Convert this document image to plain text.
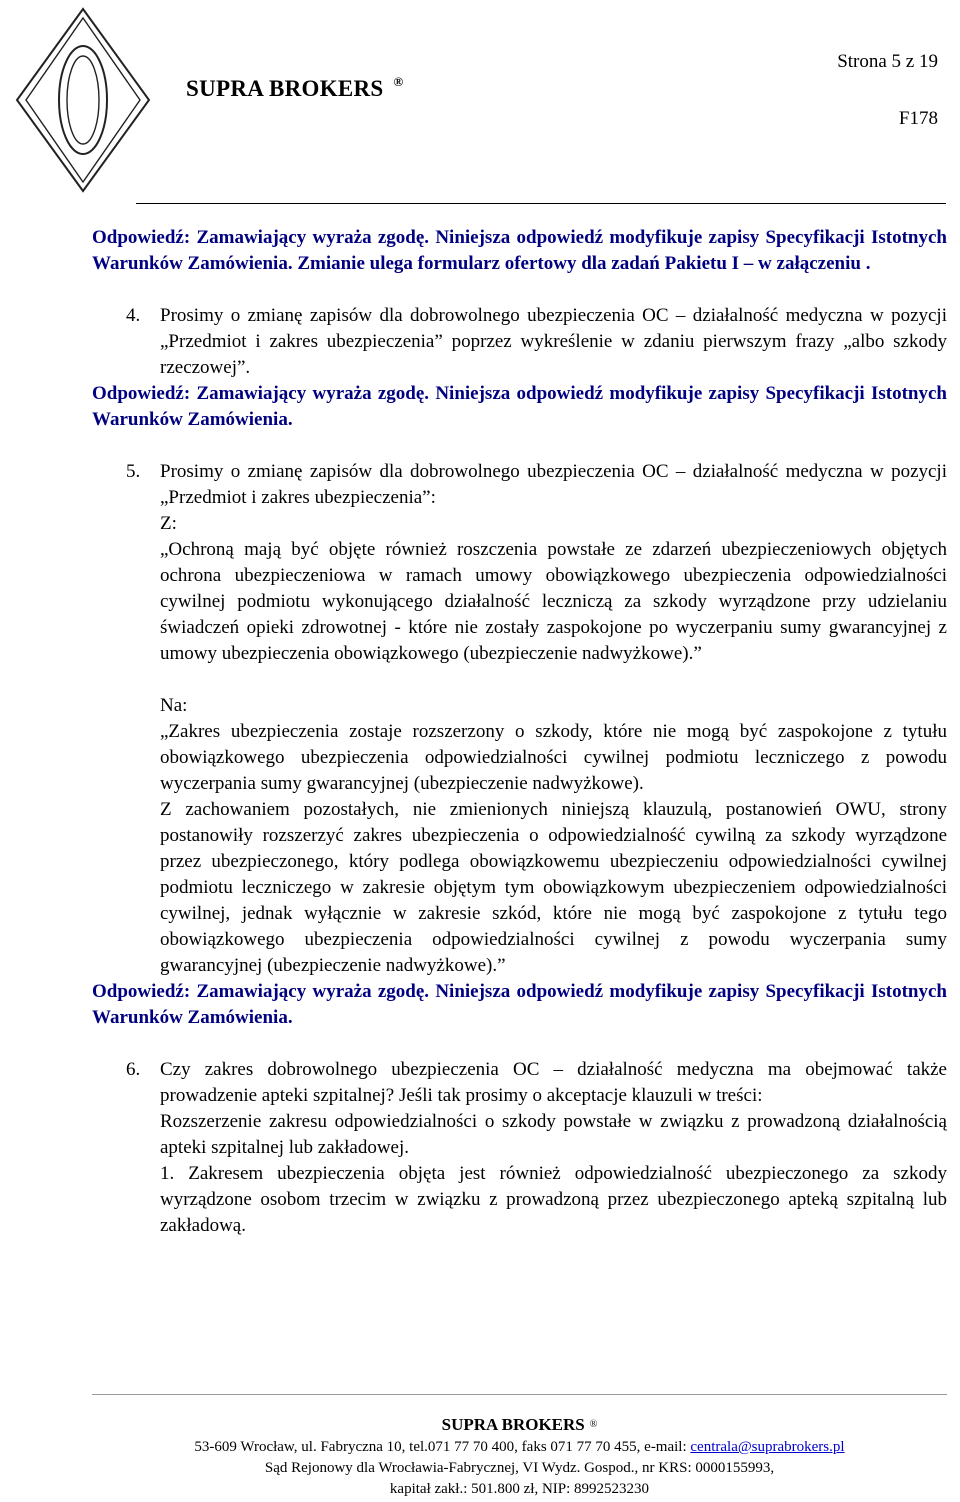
SUPRA BROKERS ®
Strona 5 z 19
F178
Odpowiedź: Zamawiający wyraża zgodę. Niniejsza odpowiedź modyfikuje zapisy Specyfikacji Istotnych Warunków Zamówienia. Zmianie ulega formularz ofertowy dla zadań Pakietu I – w załączeniu .
4. Prosimy o zmianę zapisów dla dobrowolnego ubezpieczenia OC – działalność medyczna w pozycji „Przedmiot i zakres ubezpieczenia” poprzez wykreślenie w zdaniu pierwszym frazy „albo szkody rzeczowej”.
Odpowiedź: Zamawiający wyraża zgodę. Niniejsza odpowiedź modyfikuje zapisy Specyfikacji Istotnych Warunków Zamówienia.
5. Prosimy o zmianę zapisów dla dobrowolnego ubezpieczenia OC – działalność medyczna w pozycji „Przedmiot i zakres ubezpieczenia”:
Z:
„Ochroną mają być objęte również roszczenia powstałe ze zdarzeń ubezpieczeniowych objętych ochrona ubezpieczeniowa w ramach umowy obowiązkowego ubezpieczenia odpowiedzialności cywilnej podmiotu wykonującego działalność leczniczą za szkody wyrządzone przy udzielaniu świadczeń opieki zdrowotnej - które nie zostały zaspokojone po wyczerpaniu sumy gwarancyjnej z umowy ubezpieczenia obowiązkowego (ubezpieczenie nadwyżkowe).”
Na:
„Zakres ubezpieczenia zostaje rozszerzony o szkody, które nie mogą być zaspokojone z tytułu obowiązkowego ubezpieczenia odpowiedzialności cywilnej podmiotu leczniczego z powodu wyczerpania sumy gwarancyjnej (ubezpieczenie nadwyżkowe).
Z zachowaniem pozostałych, nie zmienionych niniejszą klauzulą, postanowień OWU, strony postanowiły rozszerzyć zakres ubezpieczenia o odpowiedzialność cywilną za szkody wyrządzone przez ubezpieczonego, który podlega obowiązkowemu ubezpieczeniu odpowiedzialności cywilnej podmiotu leczniczego w zakresie objętym tym obowiązkowym ubezpieczeniem odpowiedzialności cywilnej, jednak wyłącznie w zakresie szkód, które nie mogą być zaspokojone z tytułu tego obowiązkowego ubezpieczenia odpowiedzialności cywilnej z powodu wyczerpania sumy gwarancyjnej (ubezpieczenie nadwyżkowe).”
Odpowiedź: Zamawiający wyraża zgodę. Niniejsza odpowiedź modyfikuje zapisy Specyfikacji Istotnych Warunków Zamówienia.
6. Czy zakres dobrowolnego ubezpieczenia OC – działalność medyczna ma obejmować także prowadzenie apteki szpitalnej? Jeśli tak prosimy o akceptacje klauzuli w treści:
Rozszerzenie zakresu odpowiedzialności o szkody powstałe w związku z prowadzoną działalnością apteki szpitalnej lub zakładowej.
1. Zakresem ubezpieczenia objęta jest również odpowiedzialność ubezpieczonego za szkody wyrządzone osobom trzecim w związku z prowadzoną przez ubezpieczonego apteką szpitalną lub zakładową.
SUPRA BROKERS ®
53-609 Wrocław, ul. Fabryczna 10, tel.071 77 70 400, faks 071 77 70 455, e-mail: centrala@suprabrokers.pl
Sąd Rejonowy dla Wrocławia-Fabrycznej, VI Wydz. Gospod., nr KRS: 0000155993,
kapitał zakł.: 501.800 zł, NIP: 8992523230
